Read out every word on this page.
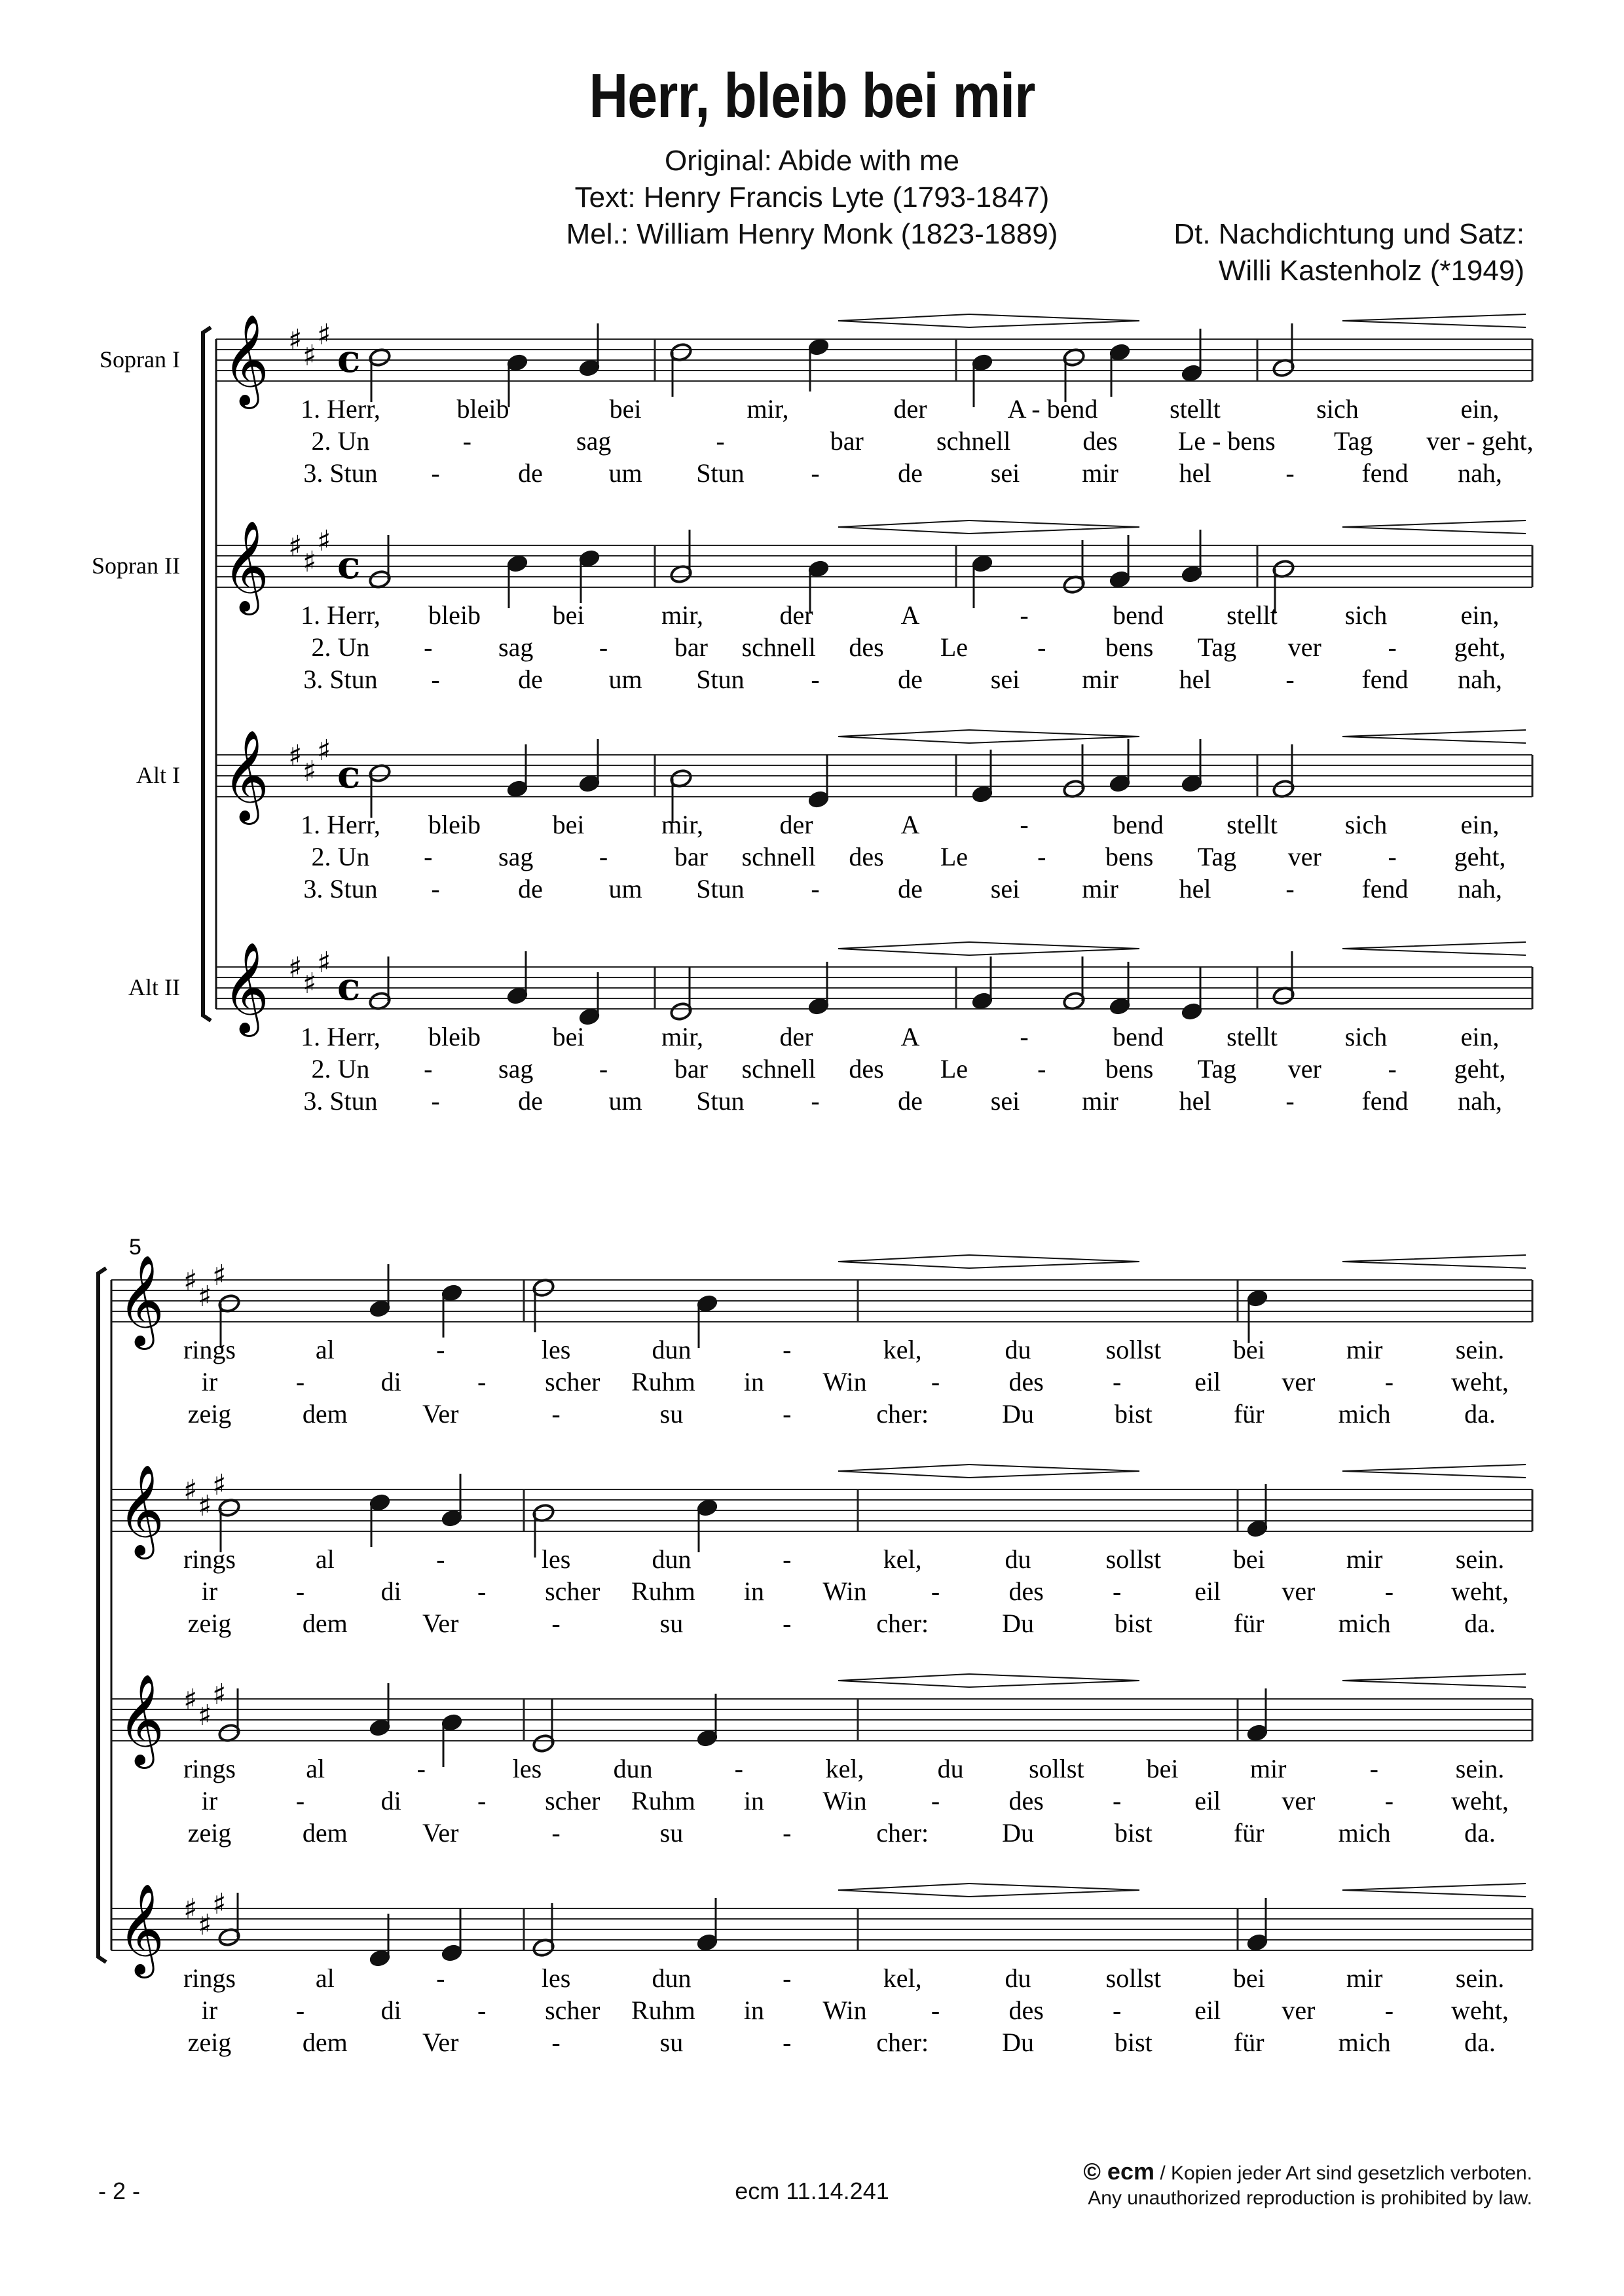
Herr, bleib bei mir
Original: Abide with me
Text: Henry Francis Lyte (1793-1847)
Mel.: William Henry Monk (1823-1889)	Dt. Nachdichtung und Satz:
Willi Kastenholz (*1949)
𝄞 ♯ ♯
♯
c
Sopran I
1. Herr,	bleib	bei	mir,	der	A - bend	stellt	sich	ein,
2. Un	-	sag	-	bar	schnell	des Le - bens Tag ver - geht,
3. Stun -	de	um Stun	-	de	sei mir hel	-	fend nah,
𝄞 ♯ ♯
♯
c
Sopran II
1. Herr, bleib	bei	mir,	der	A	-	bend stellt	sich	ein,
2. Un -	sag	-	bar schnell des Le	- bens Tag ver	- geht,
3. Stun -	de	um Stun	-	de	sei mir hel	-	fend nah,
𝄞 ♯ ♯
♯
c
Alt I
1. Herr, bleib	bei	mir,	der	A	-	bend stellt	sich	ein,
2. Un -	sag	-	bar schnell des Le	- bens Tag ver	- geht,
3. Stun -	de	um Stun	-	de	sei mir hel	-	fend nah,
𝄞 ♯ ♯
♯
c
Alt II
1. Herr, bleib	bei	mir,	der	A	-	bend stellt	sich	ein,
2. Un -	sag	-	bar schnell des Le	- bens Tag ver	- geht,
3. Stun -	de	um Stun	-	de	sei mir hel	-	fend nah,
𝄞 ♯ ♯
♯
rings	al	-	les	dun	-	kel,	du	sollst	bei	mir	sein.
ir	-	di	- scher Ruhm in Win -	des	-	eil ver	- weht,
zeig	dem	Ver	-	su	-	cher:	Du	bist	für	mich	da.
𝄞 ♯ ♯
♯
rings	al	-	les	dun	-	kel,	du	sollst	bei	mir	sein.
ir	-	di	- scher Ruhm in Win -	des	-	eil ver	- weht,
zeig	dem	Ver	-	su	-	cher:	Du	bist	für	mich	da.
𝄞 ♯ ♯
♯
rings	al	-	les	dun	-	kel,	du sollst bei	mir	-	sein.
ir	-	di	- scher Ruhm in Win -	des	-	eil ver	- weht,
zeig	dem	Ver	-	su	-	cher:	Du	bist	für	mich	da.
𝄞 ♯ ♯
♯
rings	al	-	les	dun	-	kel,	du	sollst	bei	mir	sein.
ir	-	di	- scher Ruhm in Win -	des	-	eil ver	- weht,
zeig	dem	Ver	-	su	-	cher:	Du	bist	für	mich	da.
5
- 2 -	ecm 11.14.241
© ecm / Kopien jeder Art sind gesetzlich verboten.
Any unauthorized reproduction is prohibited by law.
